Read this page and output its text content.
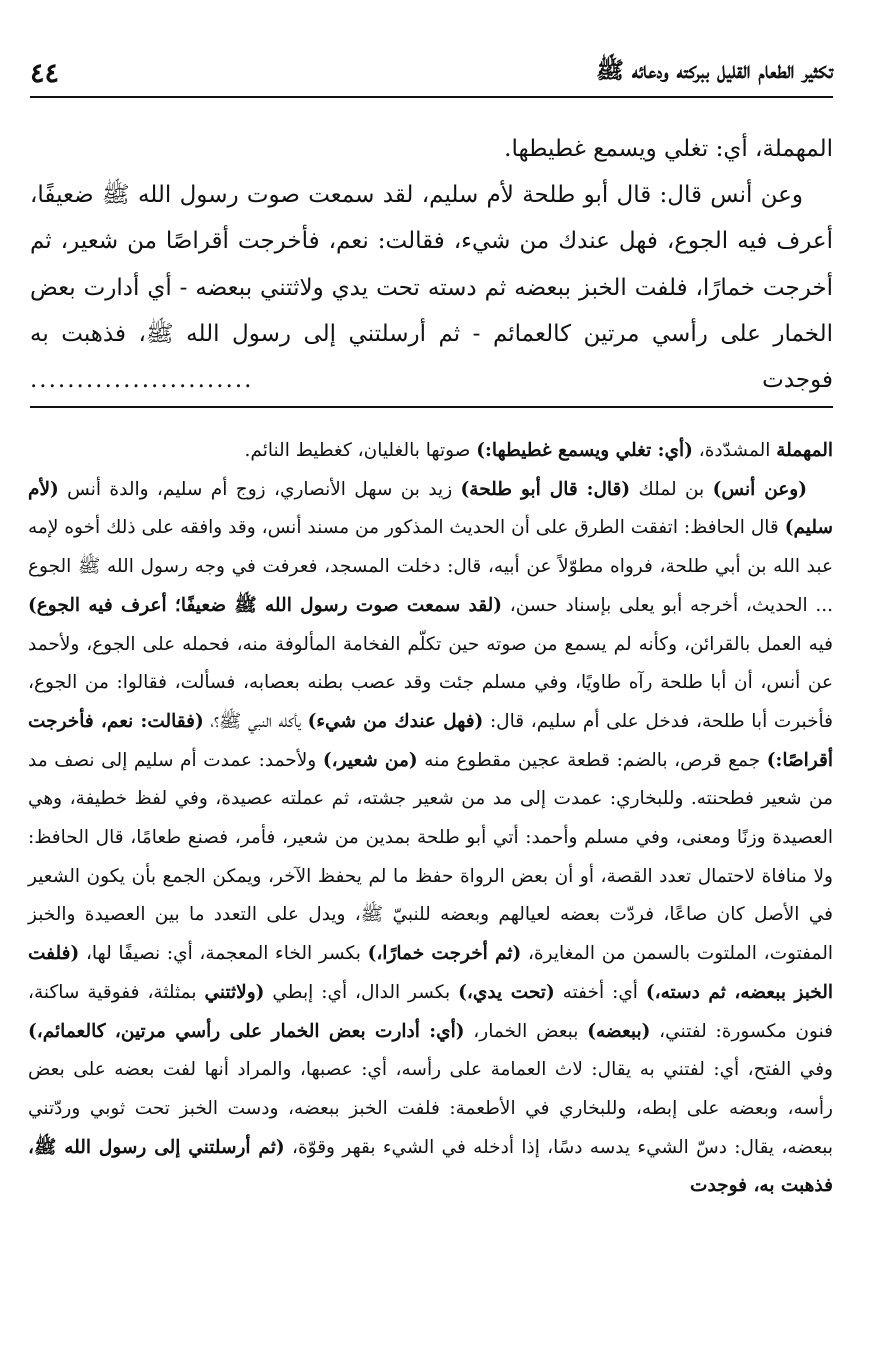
تكثير الطعام القليل ببركته ودعائه ﷺ
٤٤

المهملة، أي: تغلي ويسمع غطيطها.

وعن أنس قال: قال أبو طلحة لأم سليم، لقد سمعت صوت رسول الله ﷺ ضعيفًا، أعرف فيه الجوع، فهل عندك من شيء، فقالت: نعم، فأخرجت أقراصًا من شعير، ثم أخرجت خمارًا، فلفت الخبز ببعضه ثم دسته تحت يدي ولاثتني ببعضه - أي أدارت بعض الخمار على رأسي مرتين كالعمائم - ثم أرسلتني إلى رسول الله ﷺ، فذهبت به فوجدت

........................

المهملة المشدّدة، (أي: تغلي ويسمع غطيطها:) صوتها بالغليان، كغطيط النائم.

(وعن أنس) بن لملك (قال: قال أبو طلحة) زيد بن سهل الأنصاري، زوج أم سليم، والدة أنس (لأم سليم) قال الحافظ: اتفقت الطرق على أن الحديث المذكور من مسند أنس، وقد وافقه على ذلك أخوه لإمه عبد الله بن أبي طلحة، فرواه مطوّلاً عن أبيه، قال: دخلت المسجد، فعرفت في وجه رسول الله ﷺ الجوع ... الحديث، أخرجه أبو يعلى بإسناد حسن، (لقد سمعت صوت رسول الله ﷺ ضعيفًا؛ أعرف فيه الجوع) فيه العمل بالقرائن، وكأنه لم يسمع من صوته حين تكلّم الفخامة المألوفة منه، فحمله على الجوع، ولأحمد عن أنس، أن أبا طلحة رآه طاويًا، وفي مسلم جئت وقد عصب بطنه بعصابه، فسألت، فقالوا: من الجوع، فأخبرت أبا طلحة، فدخل على أم سليم، قال: (فهل عندك من شيء) يأكله النبي ﷺ؟، (فقالت: نعم، فأخرجت أقراصًا:) جمع قرص، بالضم: قطعة عجين مقطوع منه (من شعير،) ولأحمد: عمدت أم سليم إلى نصف مد من شعير فطحنته. وللبخاري: عمدت إلى مد من شعير جشته، ثم عملته عصيدة، وفي لفظ خطيفة، وهي العصيدة وزنًا ومعنى، وفي مسلم وأحمد: أتي أبو طلحة بمدين من شعير، فأمر، فصنع طعامًا، قال الحافظ: ولا منافاة لاحتمال تعدد القصة، أو أن بعض الرواة حفظ ما لم يحفظ الآخر، ويمكن الجمع بأن يكون الشعير في الأصل كان صاعًا، فردّت بعضه لعيالهم وبعضه للنبيّ ﷺ، ويدل على التعدد ما بين العصيدة والخبز المفتوت، الملتوت بالسمن من المغايرة، (ثم أخرجت خمارًا،) بكسر الخاء المعجمة، أي: نصيفًا لها، (فلفت الخبز ببعضه، ثم دسته،) أي: أخفته (تحت يدي،) بكسر الدال، أي: إبطي (ولاثتني بمثلثة، ففوقية ساكنة، فنون مكسورة: لفتني، (ببعضه) ببعض الخمار، (أي: أدارت بعض الخمار على رأسي مرتين، كالعمائم،) وفي الفتح، أي: لفتني به يقال: لاث العمامة على رأسه، أي: عصبها، والمراد أنها لفت بعضه على بعض رأسه، وبعضه على إبطه، وللبخاري في الأطعمة: فلفت الخبز ببعضه، ودست الخبز تحت ثوبي وردّتني ببعضه، يقال: دسّ الشيء يدسه دسًا، إذا أدخله في الشيء بقهر وقوّة، (ثم أرسلتني إلى رسول الله ﷺ، فذهبت به، فوجدت
